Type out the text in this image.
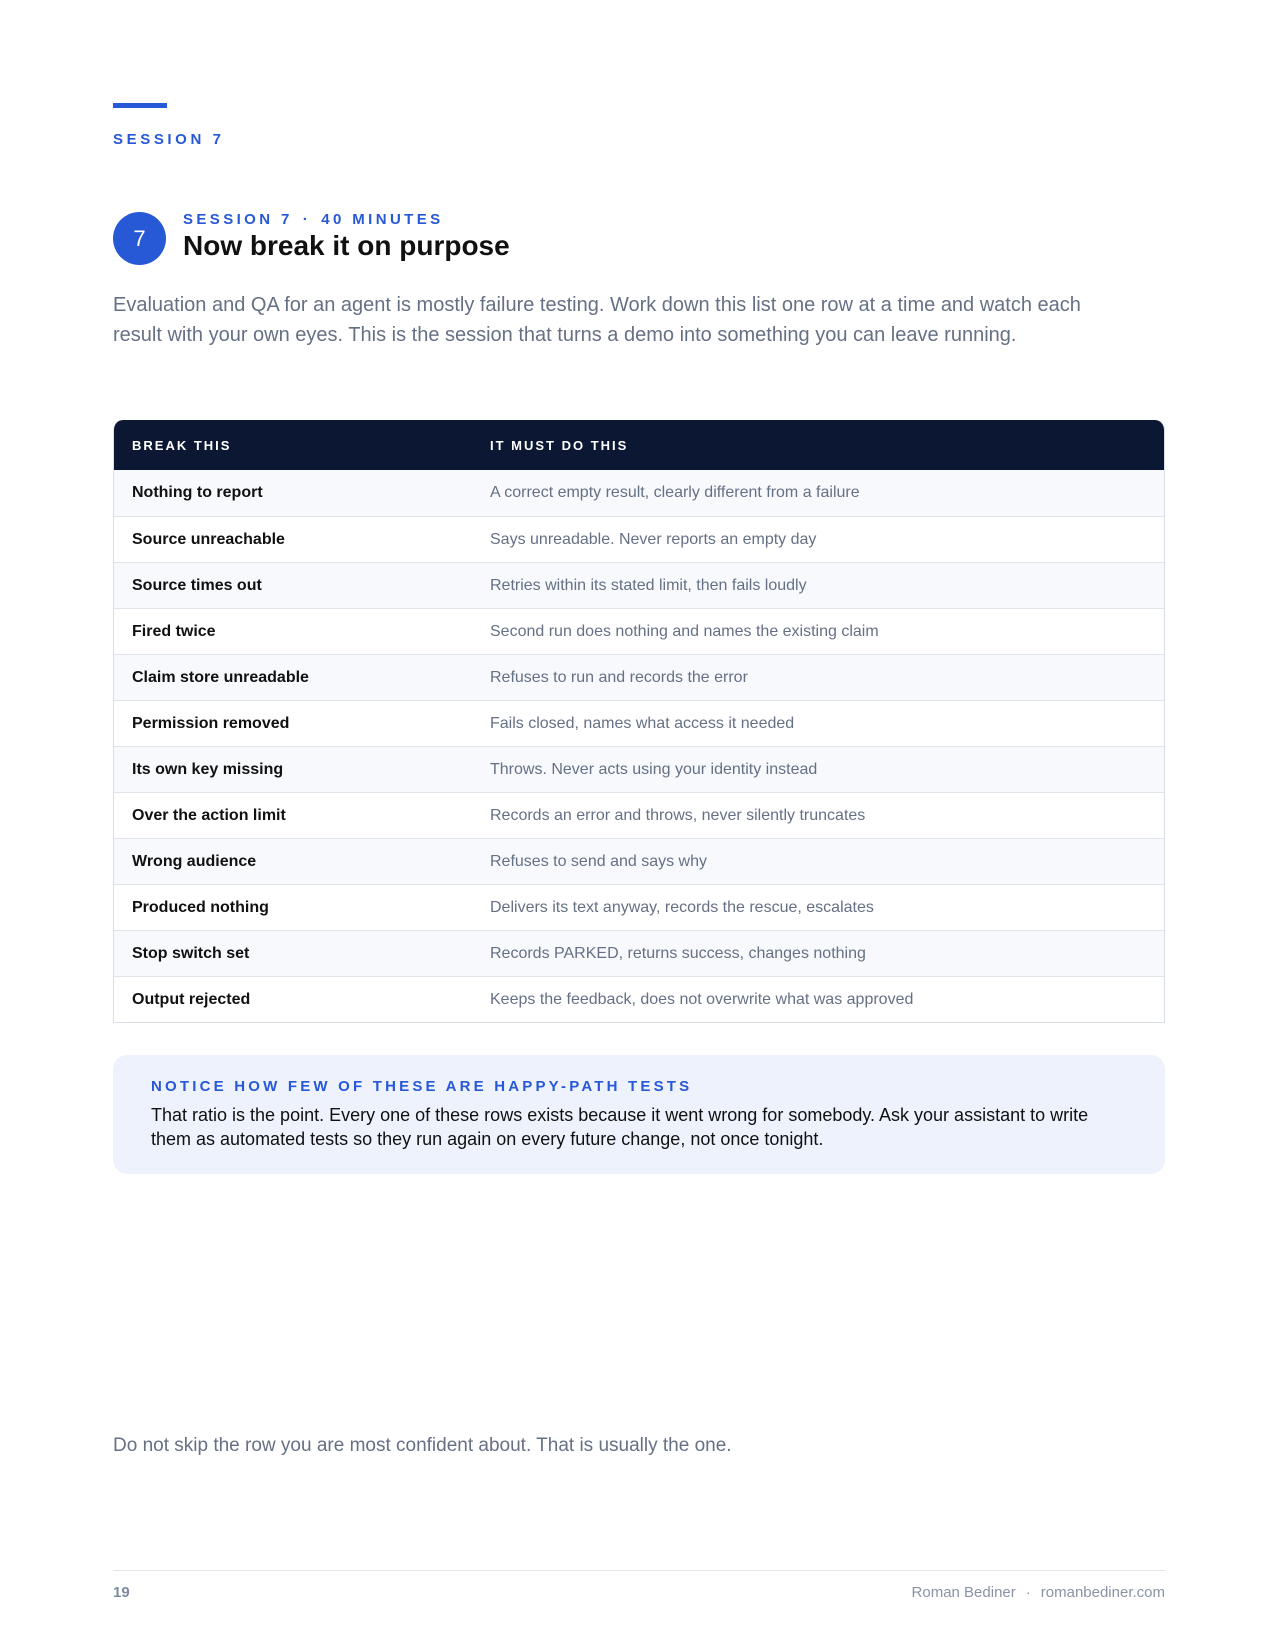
SESSION 7
7
SESSION 7 · 40 MINUTES
Now break it on purpose

Evaluation and QA for an agent is mostly failure testing. Work down this list one row at a time and watch each result with your own eyes. This is the session that turns a demo into something you can leave running.

BREAK THIS	IT MUST DO THIS
Nothing to report	A correct empty result, clearly different from a failure
Source unreachable	Says unreadable. Never reports an empty day
Source times out	Retries within its stated limit, then fails loudly
Fired twice	Second run does nothing and names the existing claim
Claim store unreadable	Refuses to run and records the error
Permission removed	Fails closed, names what access it needed
Its own key missing	Throws. Never acts using your identity instead
Over the action limit	Records an error and throws, never silently truncates
Wrong audience	Refuses to send and says why
Produced nothing	Delivers its text anyway, records the rescue, escalates
Stop switch set	Records PARKED, returns success, changes nothing
Output rejected	Keeps the feedback, does not overwrite what was approved
NOTICE HOW FEW OF THESE ARE HAPPY-PATH TESTS

That ratio is the point. Every one of these rows exists because it went wrong for somebody. Ask your assistant to write them as automated tests so they run again on every future change, not once tonight.

Do not skip the row you are most confident about. That is usually the one.

19	Roman Bediner · romanbediner.com
